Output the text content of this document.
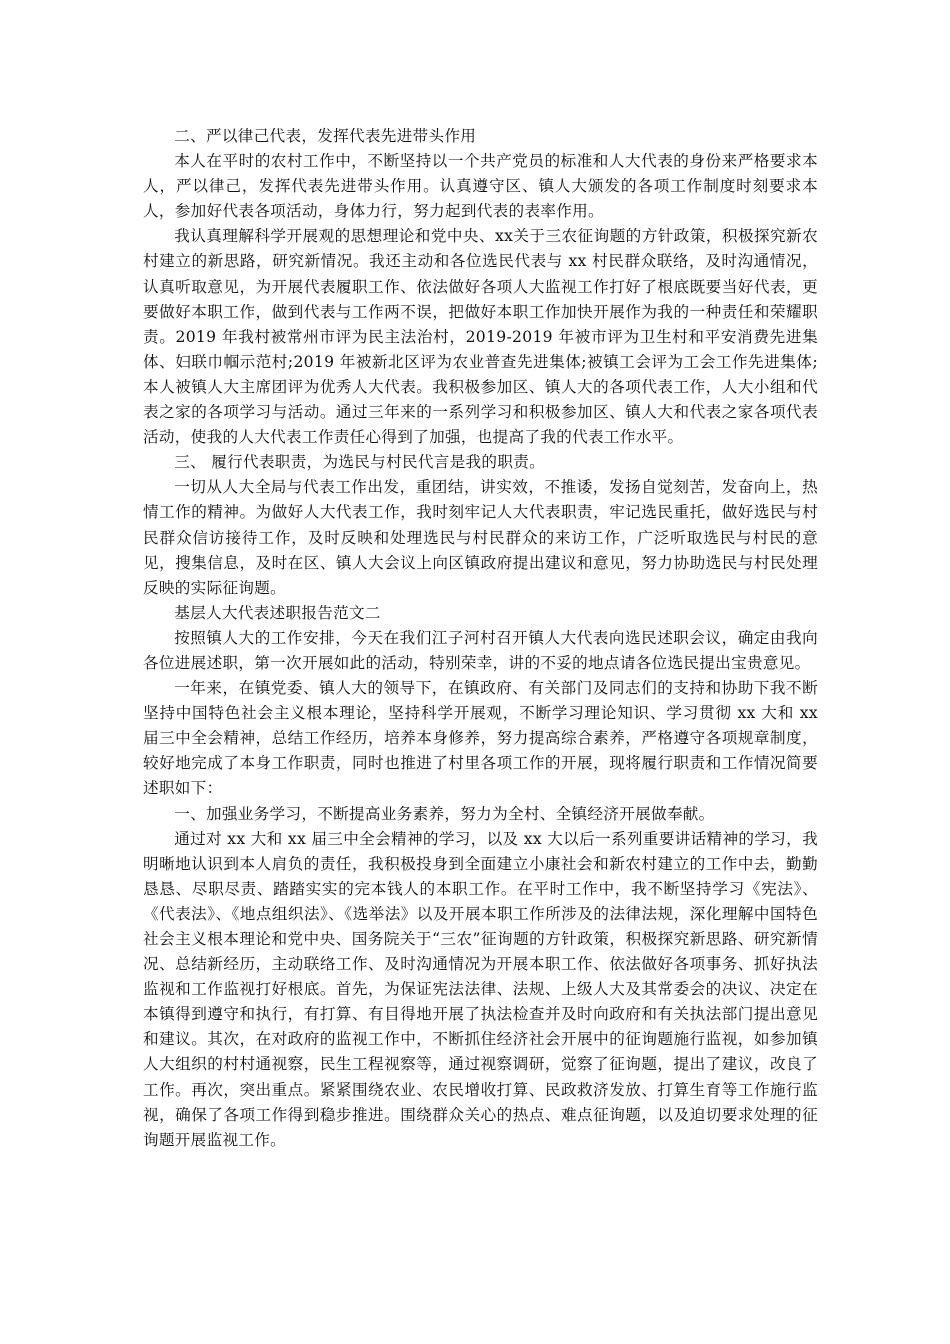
二、严以律己代表，发挥代表先进带头作用

本人在平时的农村工作中，不断坚持以一个共产党员的标准和人大代表的身份来严格要求本人，严以律己，发挥代表先进带头作用。认真遵守区、镇人大颁发的各项工作制度时刻要求本人，参加好代表各项活动，身体力行，努力起到代表的表率作用。

我认真理解科学开展观的思想理论和党中央、xx关于三农征询题的方针政策，积极探究新农村建立的新思路，研究新情况。我还主动和各位选民代表与 xx 村民群众联络，及时沟通情况，认真听取意见，为开展代表履职工作、依法做好各项人大监视工作打好了根底既要当好代表，更要做好本职工作，做到代表与工作两不误，把做好本职工作加快开展作为我的一种责任和荣耀职责。2019 年我村被常州市评为民主法治村，2019-2019 年被市评为卫生村和平安消费先进集体、妇联巾帼示范村;2019 年被新北区评为农业普查先进集体;被镇工会评为工会工作先进集体;本人被镇人大主席团评为优秀人大代表。我积极参加区、镇人大的各项代表工作，人大小组和代表之家的各项学习与活动。通过三年来的一系列学习和积极参加区、镇人大和代表之家各项代表活动，使我的人大代表工作责任心得到了加强，也提高了我的代表工作水平。

三、 履行代表职责，为选民与村民代言是我的职责。

一切从人大全局与代表工作出发，重团结，讲实效，不推诿，发扬自觉刻苦，发奋向上，热情工作的精神。为做好人大代表工作，我时刻牢记人大代表职责，牢记选民重托，做好选民与村民群众信访接待工作，及时反映和处理选民与村民群众的来访工作，广泛听取选民与村民的意见，搜集信息，及时在区、镇人大会议上向区镇政府提出建议和意见，努力协助选民与村民处理反映的实际征询题。

基层人大代表述职报告范文二

按照镇人大的工作安排，今天在我们江子河村召开镇人大代表向选民述职会议，确定由我向各位进展述职，第一次开展如此的活动，特别荣幸，讲的不妥的地点请各位选民提出宝贵意见。

一年来，在镇党委、镇人大的领导下，在镇政府、有关部门及同志们的支持和协助下我不断坚持中国特色社会主义根本理论，坚持科学开展观，不断学习理论知识、学习贯彻 xx 大和 xx 届三中全会精神，总结工作经历，培养本身修养，努力提高综合素养，严格遵守各项规章制度，较好地完成了本身工作职责，同时也推进了村里各项工作的开展，现将履行职责和工作情况简要述职如下：

一、加强业务学习，不断提高业务素养，努力为全村、全镇经济开展做奉献。

通过对 xx 大和 xx 届三中全会精神的学习，以及 xx 大以后一系列重要讲话精神的学习，我明晰地认识到本人肩负的责任，我积极投身到全面建立小康社会和新农村建立的工作中去，勤勤恳恳、尽职尽责、踏踏实实的完本钱人的本职工作。在平时工作中，我不断坚持学习《宪法》、《代表法》、《地点组织法》、《选举法》以及开展本职工作所涉及的法律法规，深化理解中国特色社会主义根本理论和党中央、国务院关于“三农”征询题的方针政策，积极探究新思路、研究新情况、总结新经历，主动联络工作、及时沟通情况为开展本职工作、依法做好各项事务、抓好执法监视和工作监视打好根底。首先，为保证宪法法律、法规、上级人大及其常委会的决议、决定在本镇得到遵守和执行，有打算、有目得地开展了执法检查并及时向政府和有关执法部门提出意见和建议。其次，在对政府的监视工作中，不断抓住经济社会开展中的征询题施行监视，如参加镇人大组织的村村通视察，民生工程视察等，通过视察调研，觉察了征询题，提出了建议，改良了工作。再次，突出重点。紧紧围绕农业、农民增收打算、民政救济发放、打算生育等工作施行监视，确保了各项工作得到稳步推进。围绕群众关心的热点、难点征询题，以及迫切要求处理的征询题开展监视工作。
